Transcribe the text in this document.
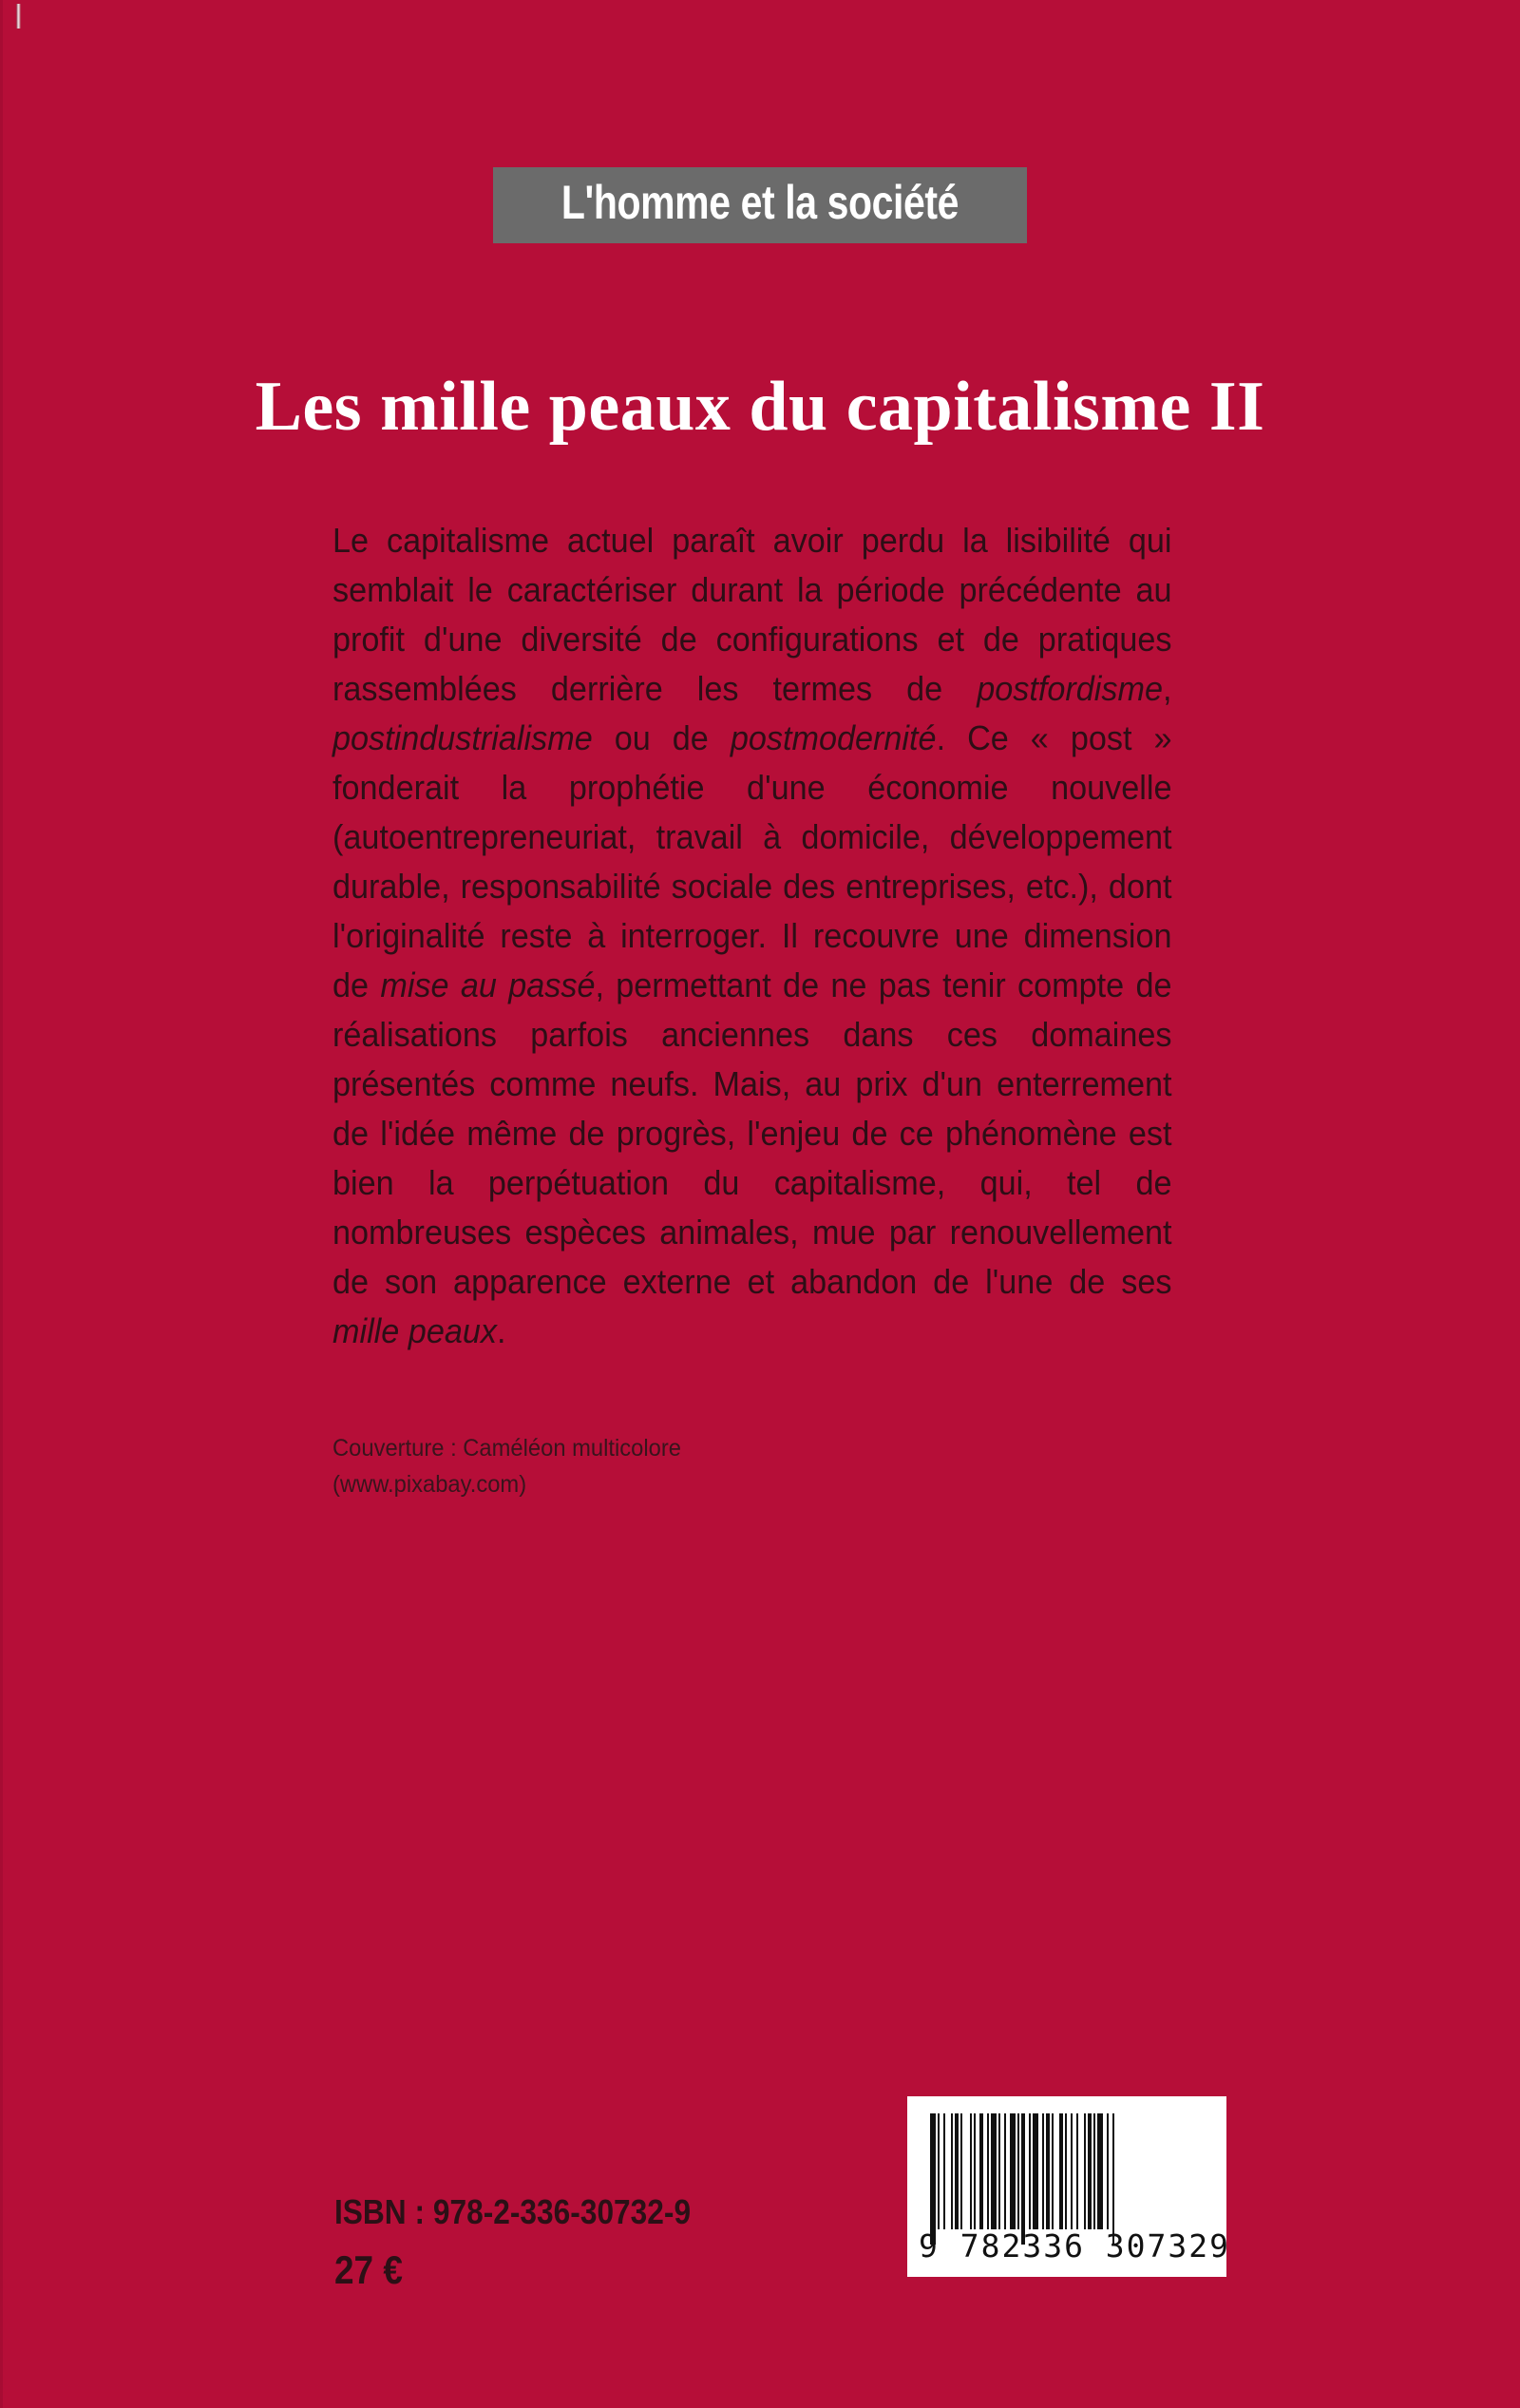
L'homme et la société
Les mille peaux du capitalisme II
Le capitalisme actuel paraît avoir perdu la lisibilité qui semblait le caractériser durant la période précédente au profit d'une diversité de configurations et de pratiques rassemblées derrière les termes de postfordisme, postindustrialisme ou de postmodernité. Ce « post » fonderait la prophétie d'une économie nouvelle (autoentrepreneuriat, travail à domicile, développement durable, responsabilité sociale des entreprises, etc.), dont l'originalité reste à interroger. Il recouvre une dimension de mise au passé, permettant de ne pas tenir compte de réalisations parfois anciennes dans ces domaines présentés comme neufs. Mais, au prix d'un enterrement de l'idée même de progrès, l'enjeu de ce phénomène est bien la perpétuation du capitalisme, qui, tel de nombreuses espèces animales, mue par renouvellement de son apparence externe et abandon de l'une de ses mille peaux.
Couverture : Caméléon multicolore
(www.pixabay.com)
ISBN : 978-2-336-30732-9
27 €
9 782336 307329
